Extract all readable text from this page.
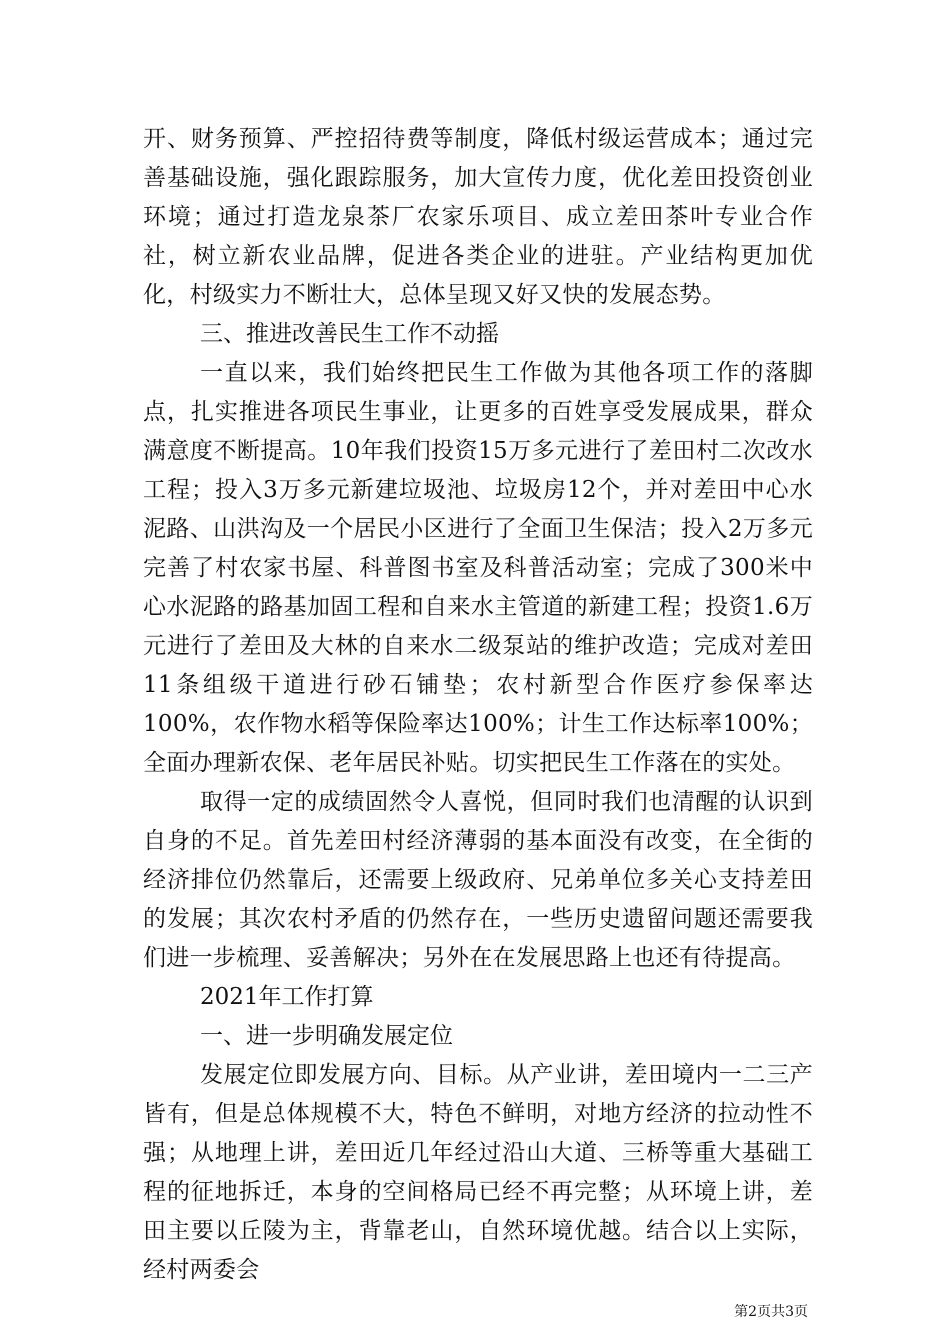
开、财务预算、严控招待费等制度，降低村级运营成本；通过完善基础设施，强化跟踪服务，加大宣传力度，优化差田投资创业环境；通过打造龙泉茶厂农家乐项目、成立差田茶叶专业合作社，树立新农业品牌，促进各类企业的进驻。产业结构更加优化，村级实力不断壮大，总体呈现又好又快的发展态势。

三、推进改善民生工作不动摇

一直以来，我们始终把民生工作做为其他各项工作的落脚点，扎实推进各项民生事业，让更多的百姓享受发展成果，群众满意度不断提高。10年我们投资15万多元进行了差田村二次改水工程；投入3万多元新建垃圾池、垃圾房12个，并对差田中心水泥路、山洪沟及一个居民小区进行了全面卫生保洁；投入2万多元完善了村农家书屋、科普图书室及科普活动室；完成了300米中心水泥路的路基加固工程和自来水主管道的新建工程；投资1.6万元进行了差田及大林的自来水二级泵站的维护改造；完成对差田11条组级干道进行砂石铺垫；农村新型合作医疗参保率达100%，农作物水稻等保险率达100%；计生工作达标率100%；全面办理新农保、老年居民补贴。切实把民生工作落在的实处。

取得一定的成绩固然令人喜悦，但同时我们也清醒的认识到自身的不足。首先差田村经济薄弱的基本面没有改变，在全街的经济排位仍然靠后，还需要上级政府、兄弟单位多关心支持差田的发展；其次农村矛盾的仍然存在，一些历史遗留问题还需要我们进一步梳理、妥善解决；另外在在发展思路上也还有待提高。

2021年工作打算

一、进一步明确发展定位

发展定位即发展方向、目标。从产业讲，差田境内一二三产皆有，但是总体规模不大，特色不鲜明，对地方经济的拉动性不强；从地理上讲，差田近几年经过沿山大道、三桥等重大基础工程的征地拆迁，本身的空间格局已经不再完整；从环境上讲，差田主要以丘陵为主，背靠老山，自然环境优越。结合以上实际，经村两委会

第2页共3页
